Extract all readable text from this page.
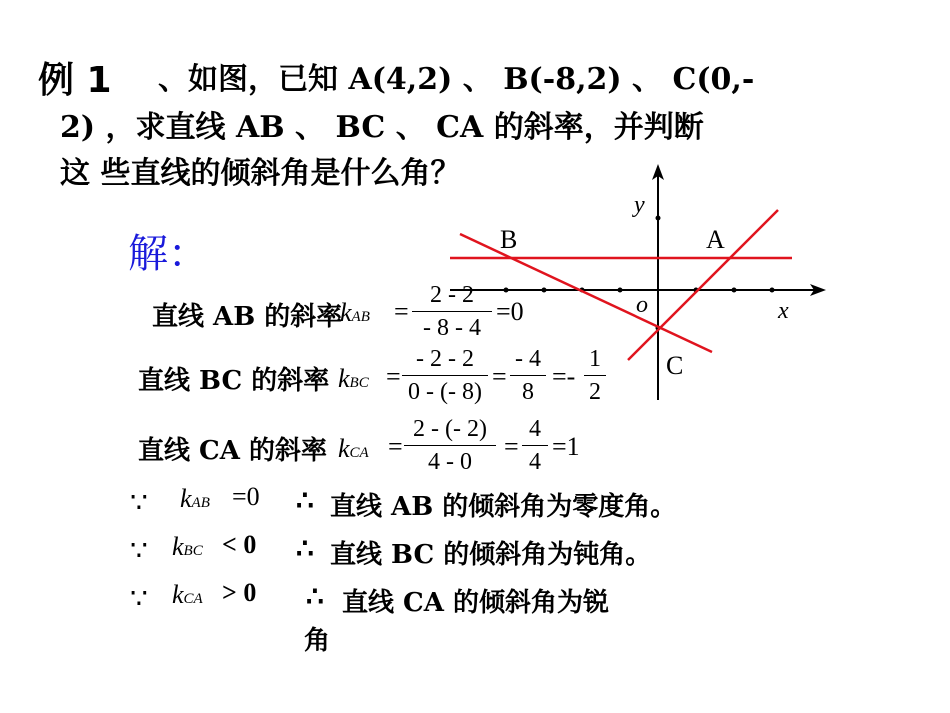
例 1 、如图，已知 A(4,2) 、 B(-8,2) 、 C(0,-
2) ，求直线 AB 、 BC 、 CA 的斜率，并判断
这 些直线的倾斜角是什么角？
解：
y
x
o
A
B
C
直线 AB 的斜率
kAB =
2 - 2
- 8 - 4
=0
直线 BC 的斜率 kBC =
- 2 - 2
0 - (- 8)
=
- 4
8
=-
1
2
直线 CA 的斜率 kCA =
2 - (- 2)
4 - 0
=
4
4
=1
∵ kAB =0 ∴ 直线 AB 的倾斜角为零度角。
∵ kBC < 0 ∴ 直线 BC 的倾斜角为钝角。
∵ kCA > 0 ∴ 直线 CA 的倾斜角为锐
角
